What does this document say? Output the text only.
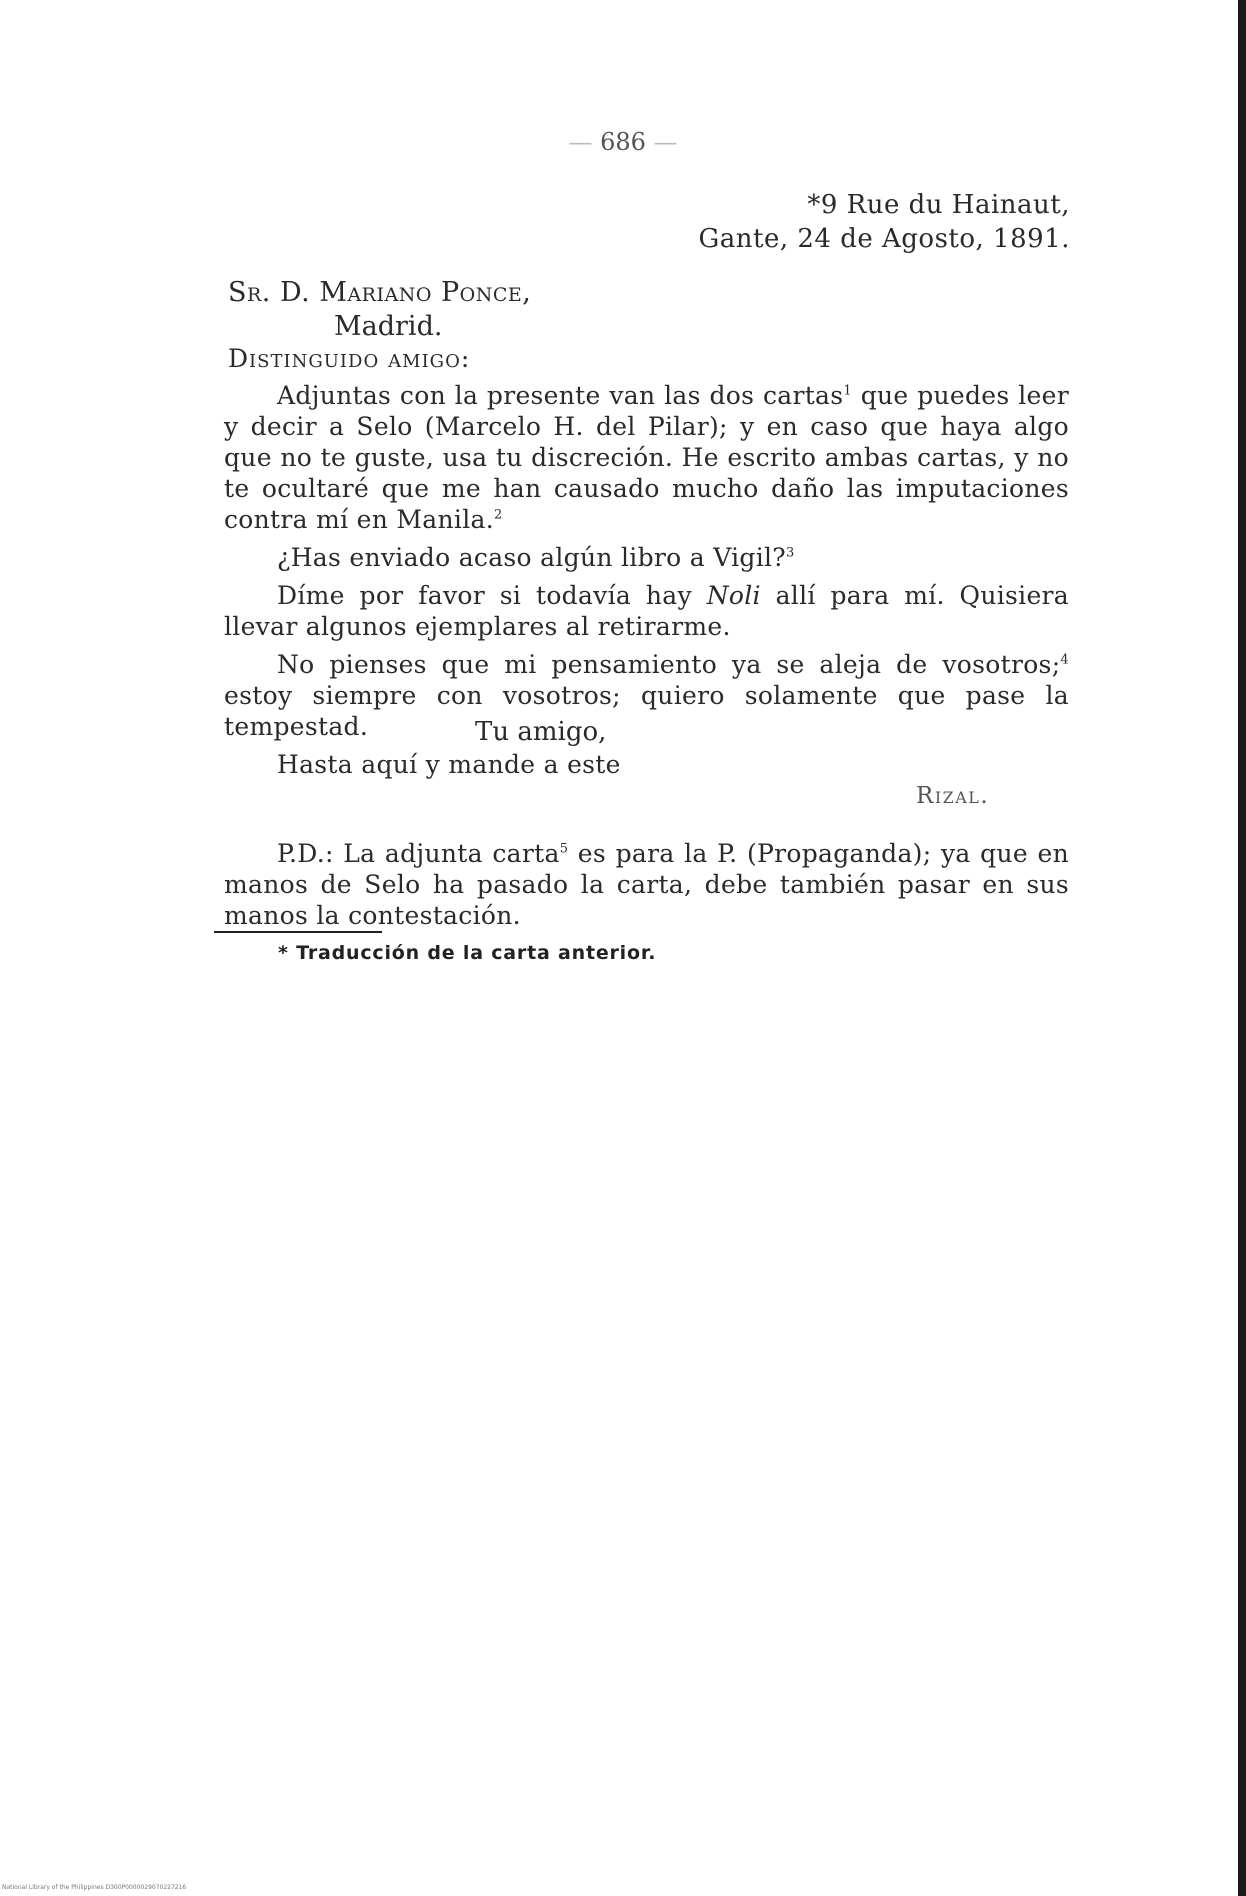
— 686 —
*9 Rue du Hainaut,
Gante, 24 de Agosto, 1891.
Sr. D. Mariano Ponce,
Madrid.
Distinguido amigo:

Adjuntas con la presente van las dos cartas$^1$ que puedes leer y decir a Selo (Marcelo H. del Pilar); y en caso que haya algo que no te guste, usa tu discreción. He escrito ambas cartas, y no te ocultaré que me han causado mucho daño las imputaciones contra mí en Manila.$^2$

¿Has enviado acaso algún libro a Vigil?$^3$

Díme por favor si todavía hay Noli allí para mí. Quisiera llevar algunos ejemplares al retirarme.

No pienses que mi pensamiento ya se aleja de vosotros;$^4$ estoy siempre con vosotros; quiero solamente que pase la tempestad.

Hasta aquí y mande a este

Tu amigo,
Rizal.

P.D.: La adjunta carta$^5$ es para la P. (Propaganda); ya que en manos de Selo ha pasado la carta, debe también pasar en sus manos la contestación.

* Traducción de la carta anterior.
National Library of the Philippines D300P0000029070227216
